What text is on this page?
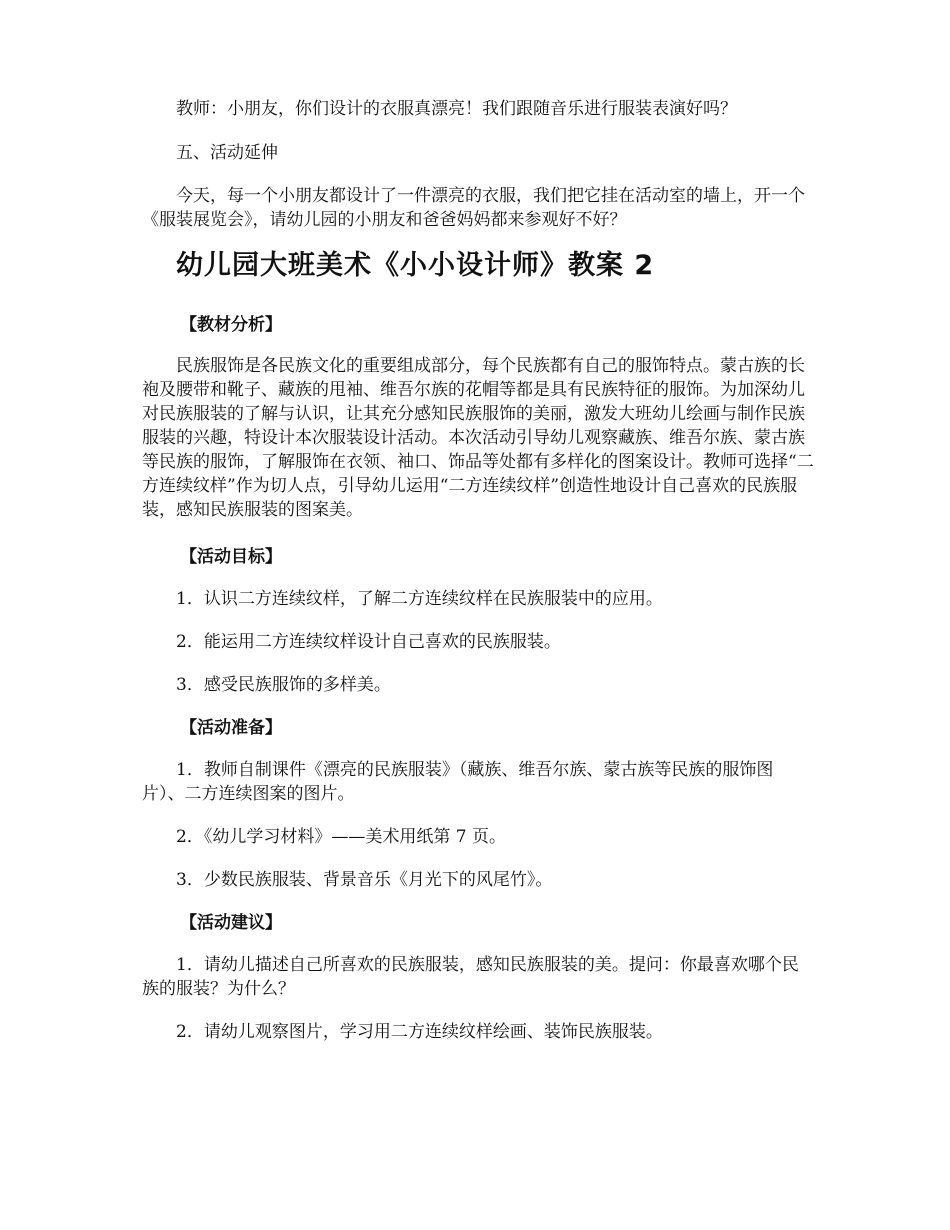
教师：小朋友，你们设计的衣服真漂亮！我们跟随音乐进行服装表演好吗？
五、活动延伸
今天，每一个小朋友都设计了一件漂亮的衣服，我们把它挂在活动室的墙上，开一个《服装展览会》，请幼儿园的小朋友和爸爸妈妈都来参观好不好？
幼儿园大班美术《小小设计师》教案 2
【教材分析】
民族服饰是各民族文化的重要组成部分，每个民族都有自己的服饰特点。蒙古族的长袍及腰带和靴子、藏族的甩袖、维吾尔族的花帽等都是具有民族特征的服饰。为加深幼儿对民族服装的了解与认识，让其充分感知民族服饰的美丽，激发大班幼儿绘画与制作民族服装的兴趣，特设计本次服装设计活动。本次活动引导幼儿观察藏族、维吾尔族、蒙古族等民族的服饰，了解服饰在衣领、袖口、饰品等处都有多样化的图案设计。教师可选择“二方连续纹样”作为切人点，引导幼儿运用“二方连续纹样”创造性地设计自己喜欢的民族服装，感知民族服装的图案美。
【活动目标】
1．认识二方连续纹样，了解二方连续纹样在民族服装中的应用。
2．能运用二方连续纹样设计自己喜欢的民族服装。
3．感受民族服饰的多样美。
【活动准备】
1．教师自制课件《漂亮的民族服装》（藏族、维吾尔族、蒙古族等民族的服饰图片）、二方连续图案的图片。
2．《幼儿学习材料》——美术用纸第 7 页。
3．少数民族服装、背景音乐《月光下的风尾竹》。
【活动建议】
1．请幼儿描述自己所喜欢的民族服装，感知民族服装的美。提问：你最喜欢哪个民族的服装？为什么？
2．请幼儿观察图片，学习用二方连续纹样绘画、装饰民族服装。
